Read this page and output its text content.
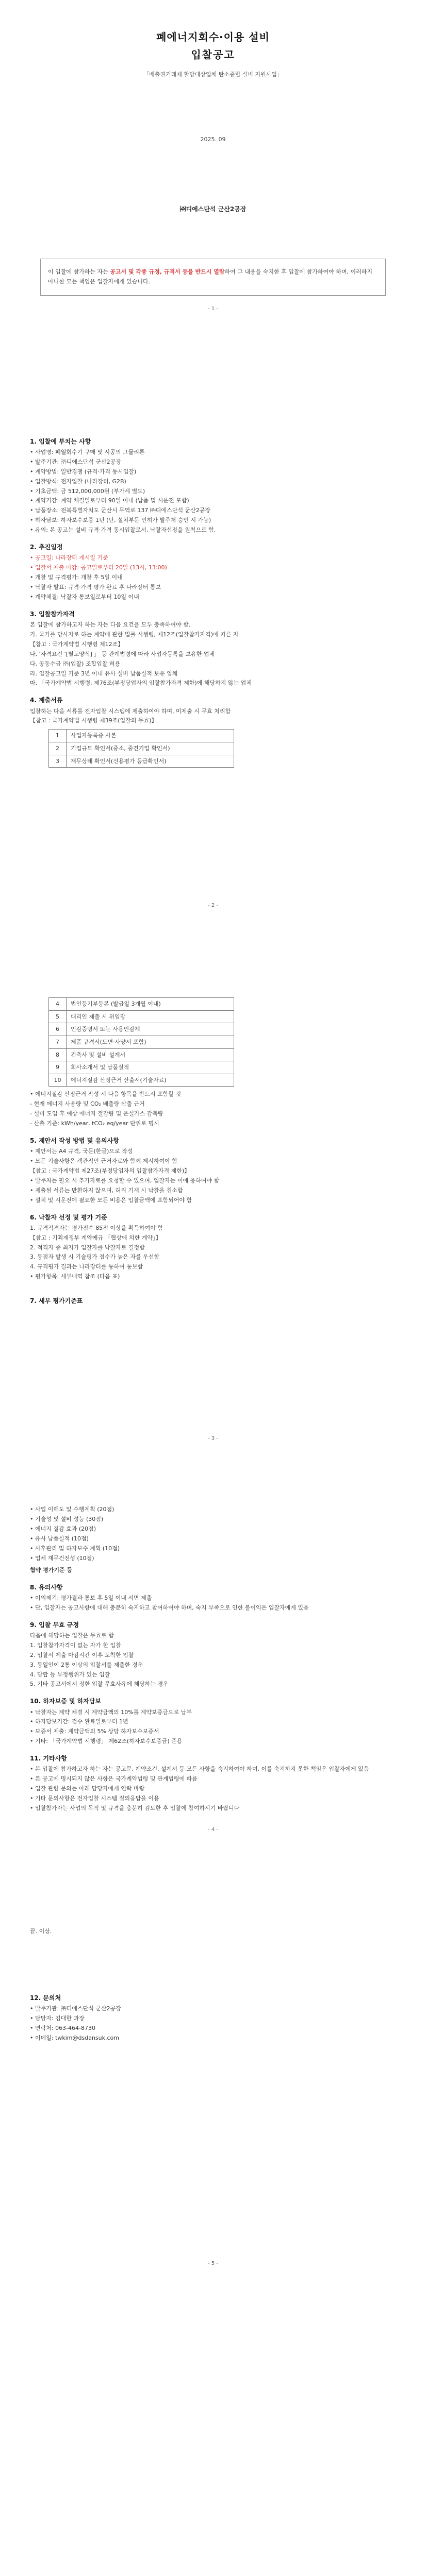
폐에너지회수·이용 설비
입찰공고
「배출권거래제 할당대상업체 탄소중립 설비 지원사업」
2025. 09
㈜디에스단석 군산2공장
이 입찰에 참가하는 자는 공고서 및 각종 규정, 규격서 등을 반드시 열람하여 그 내용을 숙지한 후 입찰에 참가하여야 하며, 이러하지 아니한 모든 책임은 입찰자에게 있습니다.
- 1 -
1. 입찰에 부치는 사항
• 사업명: 폐열회수기 구매 및 시공의 그물리튼
• 발주기관: ㈜디에스단석 군산2공장
• 계약방법: 일반경쟁 (규격·가격 동시입찰)
• 입찰방식: 전자입찰 (나라장터, G2B)
• 기초금액: 금 512,000,000원 (부가세 별도)
• 계약기간: 계약 체결일로부터 90일 이내 (납품 및 시운전 포함)
• 납품장소: 전북특별자치도 군산시 무역로 137 ㈜디에스단석 군산2공장
• 하자담보: 하자보수보증 1년 (단, 설치부문 인허가 발주처 승인 시 가능)
• 유의: 본 공고는 설비 규격·가격 동시입찰로서, 낙찰자선정을 원칙으로 함.
2. 추진일정
• 공고일: 나라장터 게시일 기준
• 입찰서 제출 마감: 공고일로부터 20일 (13시, 13:00)
• 개찰 및 규격평가: 개찰 후 5일 이내
• 낙찰자 발표: 규격·가격 평가 완료 후 나라장터 통보
• 계약체결: 낙찰자 통보일로부터 10일 이내
3. 입찰참가자격
본 입찰에 참가하고자 하는 자는 다음 요건을 모두 충족하여야 함.
가. 국가를 당사자로 하는 계약에 관한 법률 시행령, 제12조(입찰참가자격)에 따른 자
【참고 : 국가계약법 시행령 제12조】
나. '자격요건 '[별도양식] 」 등 관계법령에 따라 사업자등록을 보유한 업체
다. 공동수급 ㈜(입찰) 조합입찰 허용
라. 입찰공고일 기준 3년 이내 유사 설비 납품실적 보유 업체
마. 「국가계약법 시행령, 제76조(부정당업자의 입찰참가자격 제한)에 해당하지 않는 업체
4. 제출서류
입찰하는 다음 서류를 전자입찰 시스템에 제출하여야 하며, 미제출 시 무효 처리함
【참고 : 국가계약법 시행령 제39조(입찰의 무효)】
1	사업자등록증 사본
2	기업규모 확인서(중소, 중견기업 확인서)
3	재무상태 확인서(신용평가 등급확인서)
- 2 -
4	법인등기부등본 (발급일 3개월 이내)
5	대리인 제출 시 위임장
6	인감증명서 또는 사용인감계
7	제품 규격서(도면·사양서 포함)
8	건축사 및 설비 설계서
9	회사소개서 및 납품실적
10	에너지절감 산정근거 산출서(기술자료)
• 에너지절감 산정근거 작성 시 다음 항목을 반드시 포함할 것
- 현재 에너지 사용량 및 CO₂ 배출량 산출 근거
- 설비 도입 후 예상 에너지 절감량 및 온실가스 감축량
- 산출 기준: kWh/year, tCO₂ eq/year 단위로 명시
5. 제안서 작성 방법 및 유의사항
• 제안서는 A4 규격, 국문(한글)으로 작성
• 모든 기술사항은 객관적인 근거자료와 함께 제시하여야 함
【참고 : 국가계약법 제27조(부정당업자의 입찰참가자격 제한)】
• 발주처는 필요 시 추가자료를 요청할 수 있으며, 입찰자는 이에 응하여야 함
• 제출된 서류는 반환하지 않으며, 허위 기재 시 낙찰을 취소함
• 설치 및 시운전에 필요한 모든 비용은 입찰금액에 포함되어야 함
6. 낙찰자 선정 및 평가 기준
1. 규격적격자는 평가점수 85점 이상을 획득하여야 함
【참고 : 기획재정부 계약예규 「협상에 의한 계약」】
2. 적격자 중 최저가 입찰자를 낙찰자로 결정함
3. 동점자 발생 시 기술평가 점수가 높은 자를 우선함
4. 규격평가 결과는 나라장터를 통하여 통보함
• 평가항목: 세부내역 참조 (다음 표)
7. 세부 평가기준표
- 3 -
• 사업 이해도 및 수행계획 (20점)
• 기술성 및 설비 성능 (30점)
• 에너지 절감 효과 (20점)
• 유사 납품실적 (10점)
• 사후관리 및 하자보수 계획 (10점)
• 업체 재무건전성 (10점)
협약 평가기준 등
8. 유의사항
• 이의제기: 평가결과 통보 후 5일 이내 서면 제출
• 단, 입찰자는 공고사항에 대해 충분히 숙지하고 참여하여야 하며, 숙지 부족으로 인한 불이익은 입찰자에게 있음
9. 입찰 무효 규정
다음에 해당하는 입찰은 무효로 함
1. 입찰참가자격이 없는 자가 한 입찰
2. 입찰서 제출 마감시간 이후 도착한 입찰
3. 동일인이 2통 이상의 입찰서를 제출한 경우
4. 담합 등 부정행위가 있는 입찰
5. 기타 공고서에서 정한 입찰 무효사유에 해당하는 경우
10. 하자보증 및 하자담보
• 낙찰자는 계약 체결 시 계약금액의 10%를 계약보증금으로 납부
• 하자담보기간: 검수 완료일로부터 1년
• 보증서 제출: 계약금액의 5% 상당 하자보수보증서
• 기타: 「국가계약법 시행령」 제62조(하자보수보증금) 준용
11. 기타사항
• 본 입찰에 참가하고자 하는 자는 공고문, 계약조건, 설계서 등 모든 사항을 숙지하여야 하며, 이를 숙지하지 못한 책임은 입찰자에게 있음
• 본 공고에 명시되지 않은 사항은 국가계약법령 및 관계법령에 따름
• 입찰 관련 문의는 아래 담당자에게 연락 바람
• 기타 문의사항은 전자입찰 시스템 질의응답을 이용
• 입찰참가자는 사업의 목적 및 규격을 충분히 검토한 후 입찰에 참여하시기 바랍니다
- 4 -
끝. 이상.
12. 문의처
• 발주기관: ㈜디에스단석 군산2공장
• 담당자: 김대한 과장
• 연락처: 063-464-8730
• 이메일: twkim@dsdansuk.com
- 5 -
